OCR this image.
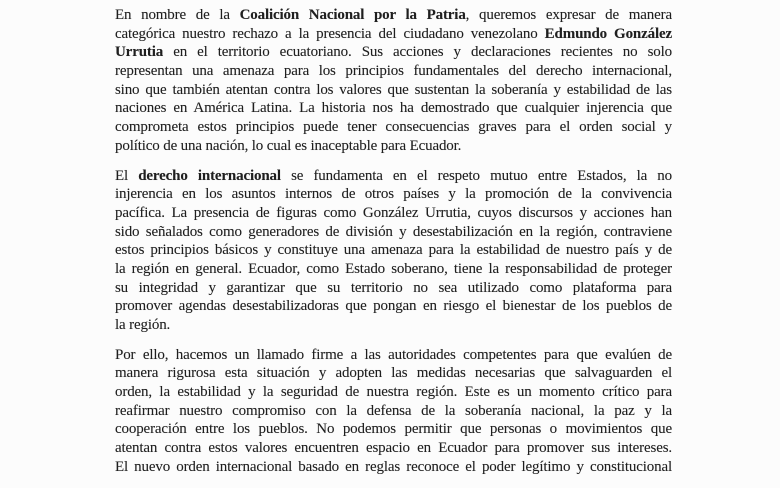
En nombre de la Coalición Nacional por la Patria, queremos expresar de manera
categórica nuestro rechazo a la presencia del ciudadano venezolano Edmundo González
Urrutia en el territorio ecuatoriano. Sus acciones y declaraciones recientes no solo
representan una amenaza para los principios fundamentales del derecho internacional,
sino que también atentan contra los valores que sustentan la soberanía y estabilidad de las
naciones en América Latina. La historia nos ha demostrado que cualquier injerencia que
comprometa estos principios puede tener consecuencias graves para el orden social y
político de una nación, lo cual es inaceptable para Ecuador.
El derecho internacional se fundamenta en el respeto mutuo entre Estados, la no
injerencia en los asuntos internos de otros países y la promoción de la convivencia
pacífica. La presencia de figuras como González Urrutia, cuyos discursos y acciones han
sido señalados como generadores de división y desestabilización en la región, contraviene
estos principios básicos y constituye una amenaza para la estabilidad de nuestro país y de
la región en general. Ecuador, como Estado soberano, tiene la responsabilidad de proteger
su integridad y garantizar que su territorio no sea utilizado como plataforma para
promover agendas desestabilizadoras que pongan en riesgo el bienestar de los pueblos de
la región.
Por ello, hacemos un llamado firme a las autoridades competentes para que evalúen de
manera rigurosa esta situación y adopten las medidas necesarias que salvaguarden el
orden, la estabilidad y la seguridad de nuestra región. Este es un momento crítico para
reafirmar nuestro compromiso con la defensa de la soberanía nacional, la paz y la
cooperación entre los pueblos. No podemos permitir que personas o movimientos que
atentan contra estos valores encuentren espacio en Ecuador para promover sus intereses.
El nuevo orden internacional basado en reglas reconoce el poder legítimo y constitucional
